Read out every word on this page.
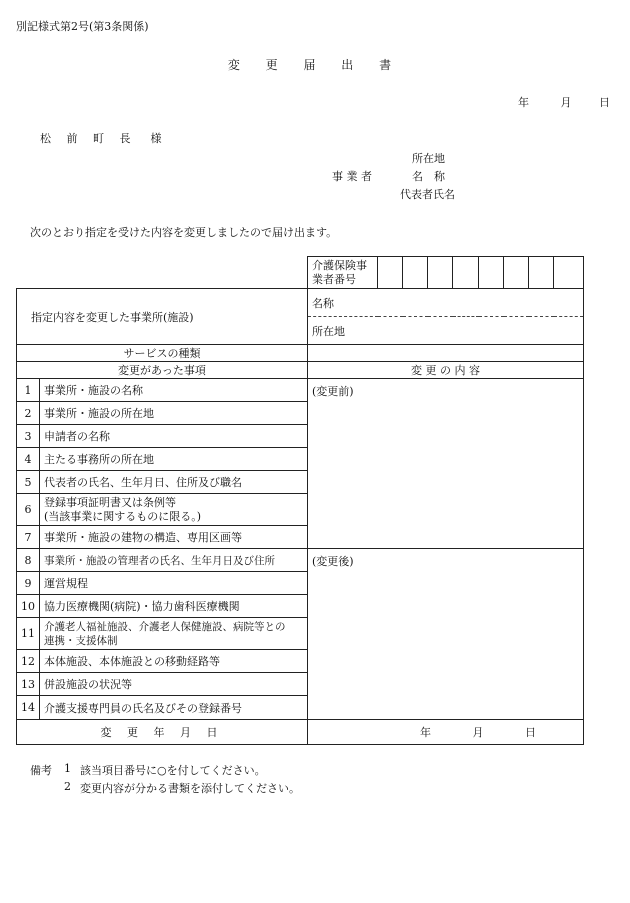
別記様式第2号(第3条関係)
変 更 届 出 書
年	月	日
松 前 町 長 様
事 業 者
所在地
名　称
代表者氏名
次のとおり指定を受けた内容を変更しましたので届け出ます。
		介護保険事業者番号								
指定内容を変更した事業所(施設)		名称								
		所在地								
サービスの種類										
変更があった事項		変 更 の 内 容								
1	事業所・施設の名称	(変更前)								
2	事業所・施設の所在地									
3	申請者の名称									
4	主たる事務所の所在地									
5	代表者の氏名、生年月日、住所及び職名									
6	登録事項証明書又は条例等
(当該事業に関するものに限る。)									
7	事業所・施設の建物の構造、専用区画等									
8	事業所・施設の管理者の氏名、生年月日及び住所	(変更後)								
9	運営規程									
10	協力医療機関(病院)・協力歯科医療機関									
11	介護老人福祉施設、介護老人保健施設、病院等との
連携・支援体制									
12	本体施設、本体施設との移動経路等									
13	併設施設の状況等									
14	介護支援専門員の氏名及びその登録番号									
変 更 年 月 日		年 月 日								
備考 1 該当項目番号に○を付してください。
2 変更内容が分かる書類を添付してください。
